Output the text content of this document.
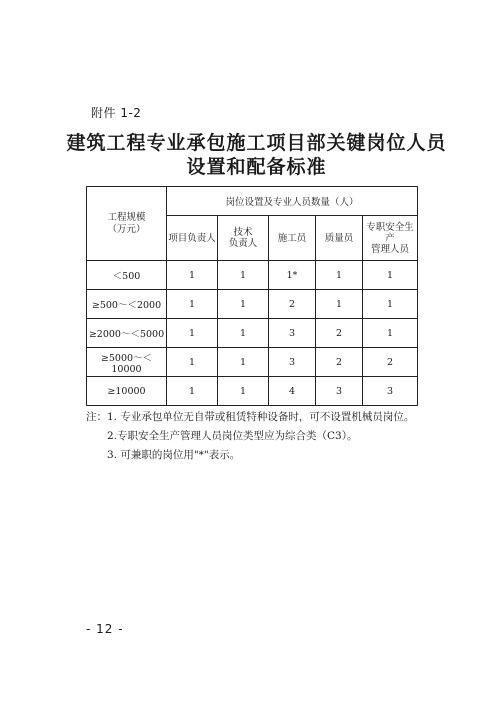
附件 1-2
建筑工程专业承包施工项目部关键岗位人员
设置和配备标准
工程规模
（万元）	岗位设置及专业人员数量（人）				
	项目负责人	技术
负责人	施工员	质量员	专职安全生产
管理人员
＜500	1	1	1*	1	1
≥500～＜2000	1	1	2	1	1
≥2000～＜5000	1	1	3	2	1
≥5000～＜10000	1	1	3	2	2
≥10000	1	1	4	3	3
注：1. 专业承包单位无自带或租赁特种设备时，可不设置机械员岗位。
2.专职安全生产管理人员岗位类型应为综合类（C3）。
3. 可兼职的岗位用"*"表示。
- 12 -
